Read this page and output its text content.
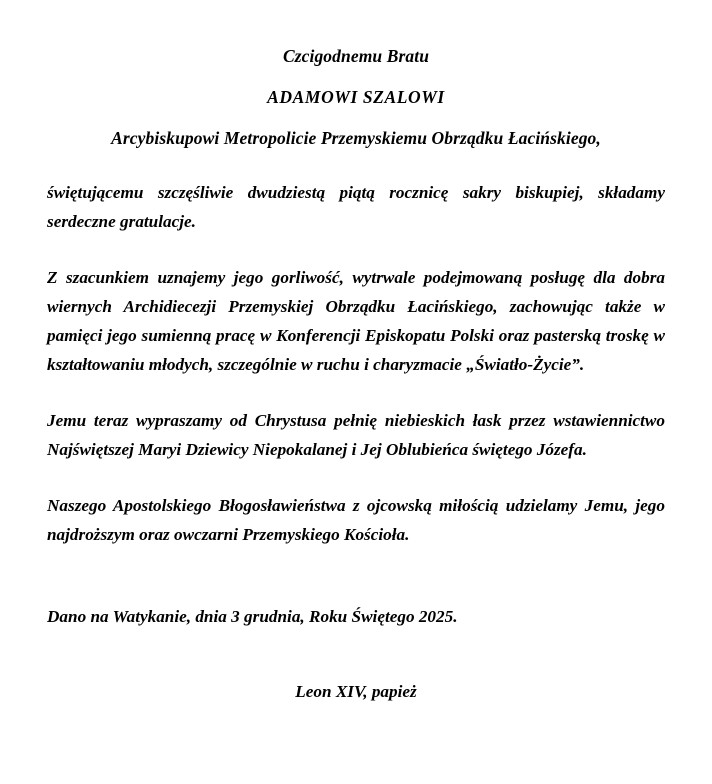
Czcigodnemu Bratu
ADAMOWI SZALOWI
Arcybiskupowi Metropolicie Przemyskiemu Obrządku Łacińskiego,

świętującemu szczęśliwie dwudziestą piątą rocznicę sakry biskupiej, składamy serdeczne gratulacje.

Z szacunkiem uznajemy jego gorliwość, wytrwale podejmowaną posługę dla dobra wiernych Archidiecezji Przemyskiej Obrządku Łacińskiego, zachowując także w pamięci jego sumienną pracę w Konferencji Episkopatu Polski oraz pasterską troskę w kształtowaniu młodych, szczególnie w ruchu i charyzmacie „Światło-Życie”.

Jemu teraz wypraszamy od Chrystusa pełnię niebieskich łask przez wstawiennictwo Najświętszej Maryi Dziewicy Niepokalanej i Jej Oblubieńca świętego Józefa.

Naszego Apostolskiego Błogosławieństwa z ojcowską miłością udzielamy Jemu, jego najdroższym oraz owczarni Przemyskiego Kościoła.

Dano na Watykanie, dnia 3 grudnia, Roku Świętego 2025.
Leon XIV, papież
